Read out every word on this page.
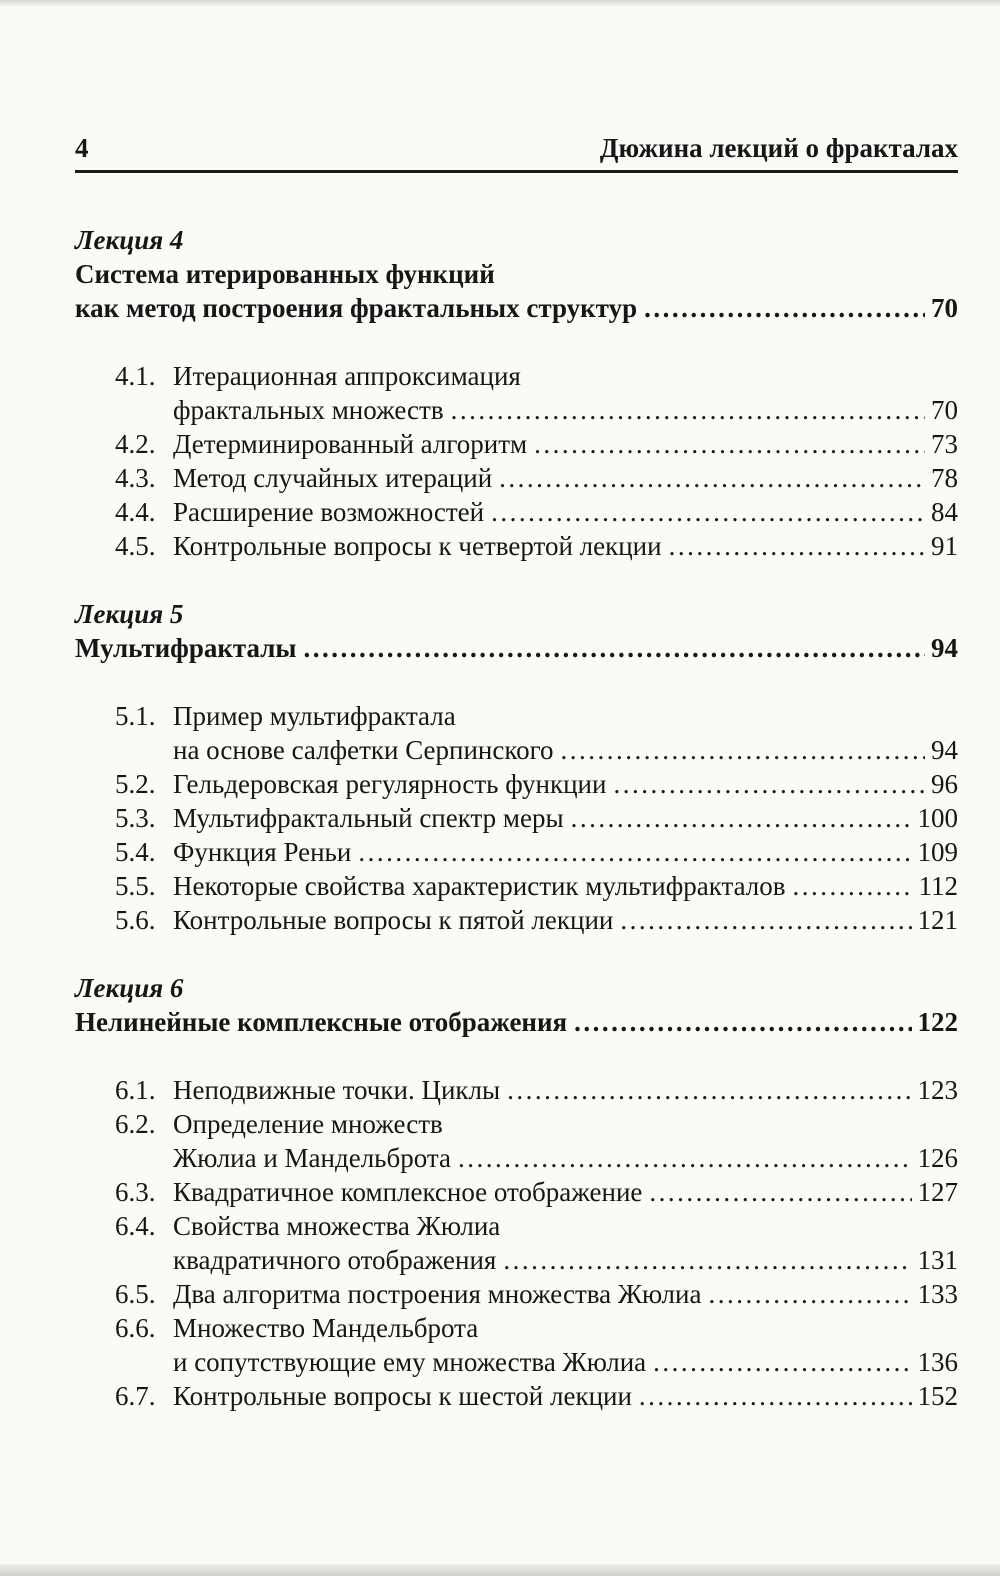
4	Дюжина лекций о фракталах
Лекция 4
Система итерированных функций
как метод построения фрактальных структур .....	70
4.1. Итерационная аппроксимация
фрактальных множеств .....	70
4.2. Детерминированный алгоритм .....	73
4.3. Метод случайных итераций .....	78
4.4. Расширение возможностей .....	84
4.5. Контрольные вопросы к четвертой лекции .....	91
Лекция 5
Мультифракталы .....	94
5.1. Пример мультифрактала
на основе салфетки Серпинского .....	94
5.2. Гельдеровская регулярность функции .....	96
5.3. Мультифрактальный спектр меры .....	100
5.4. Функция Реньи .....	109
5.5. Некоторые свойства характеристик мультифракталов .....	112
5.6. Контрольные вопросы к пятой лекции .....	121
Лекция 6
Нелинейные комплексные отображения .....	122
6.1. Неподвижные точки. Циклы .....	123
6.2. Определение множеств
Жюлиа и Мандельброта .....	126
6.3. Квадратичное комплексное отображение .....	127
6.4. Свойства множества Жюлиа
квадратичного отображения .....	131
6.5. Два алгоритма построения множества Жюлиа .....	133
6.6. Множество Мандельброта
и сопутствующие ему множества Жюлиа .....	136
6.7. Контрольные вопросы к шестой лекции .....	152
